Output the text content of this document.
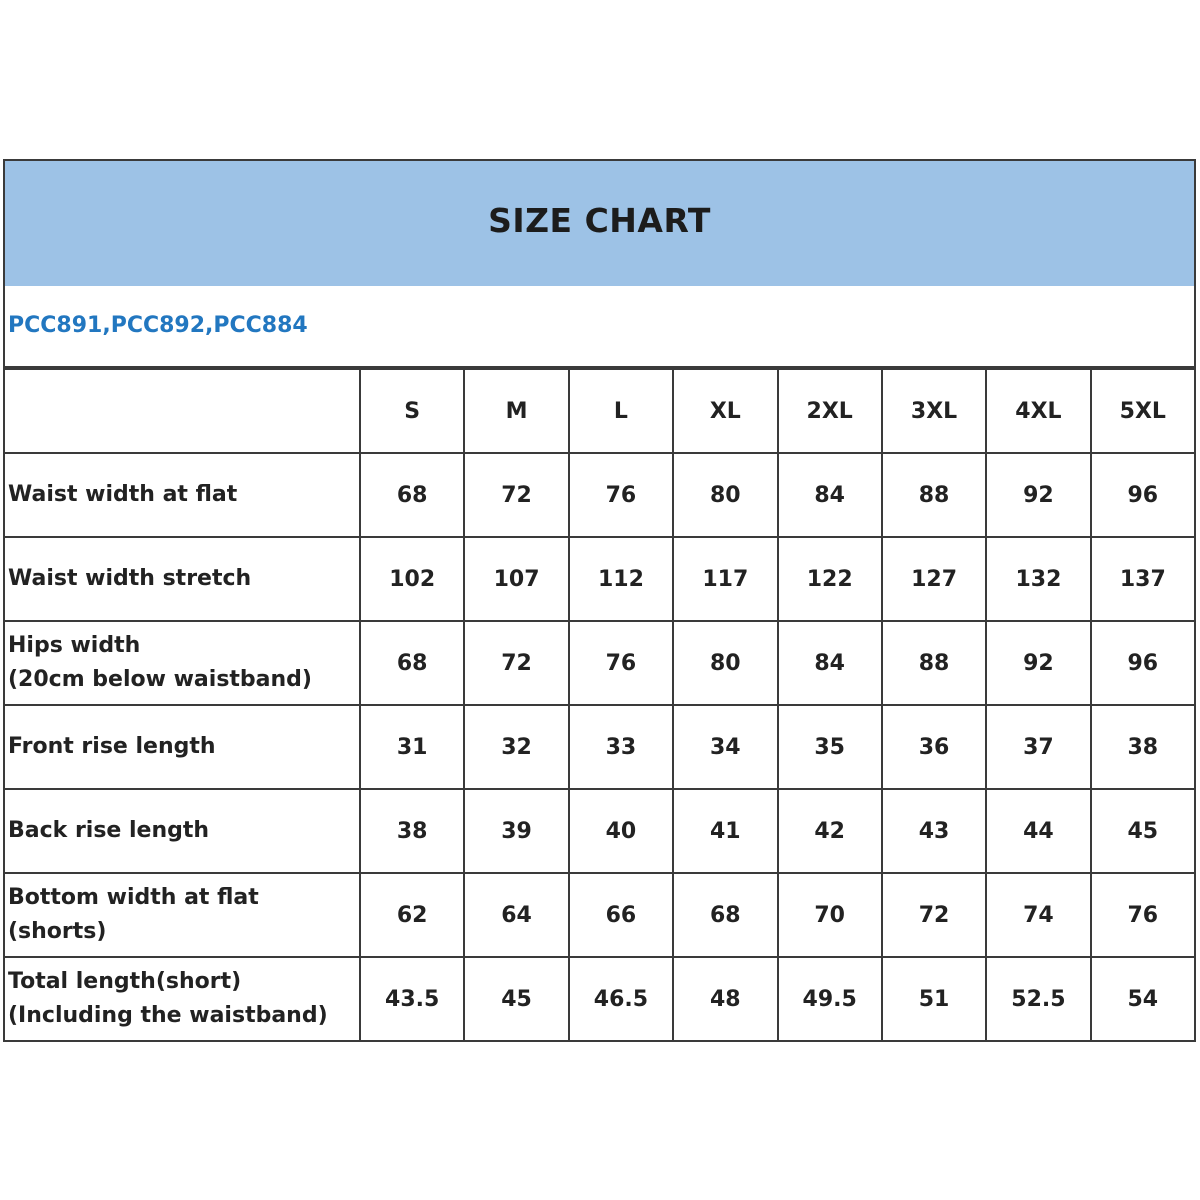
SIZE CHART
PCC891,PCC892,PCC884
	S	M	L	XL	2XL	3XL	4XL	5XL
Waist width at flat	68	72	76	80	84	88	92	96
Waist width stretch	102	107	112	117	122	127	132	137
Hips width
(20cm below waistband)	68	72	76	80	84	88	92	96
Front rise length	31	32	33	34	35	36	37	38
Back rise length	38	39	40	41	42	43	44	45
Bottom width at flat
(shorts)	62	64	66	68	70	72	74	76
Total length(short)
(Including the waistband)	43.5	45	46.5	48	49.5	51	52.5	54
